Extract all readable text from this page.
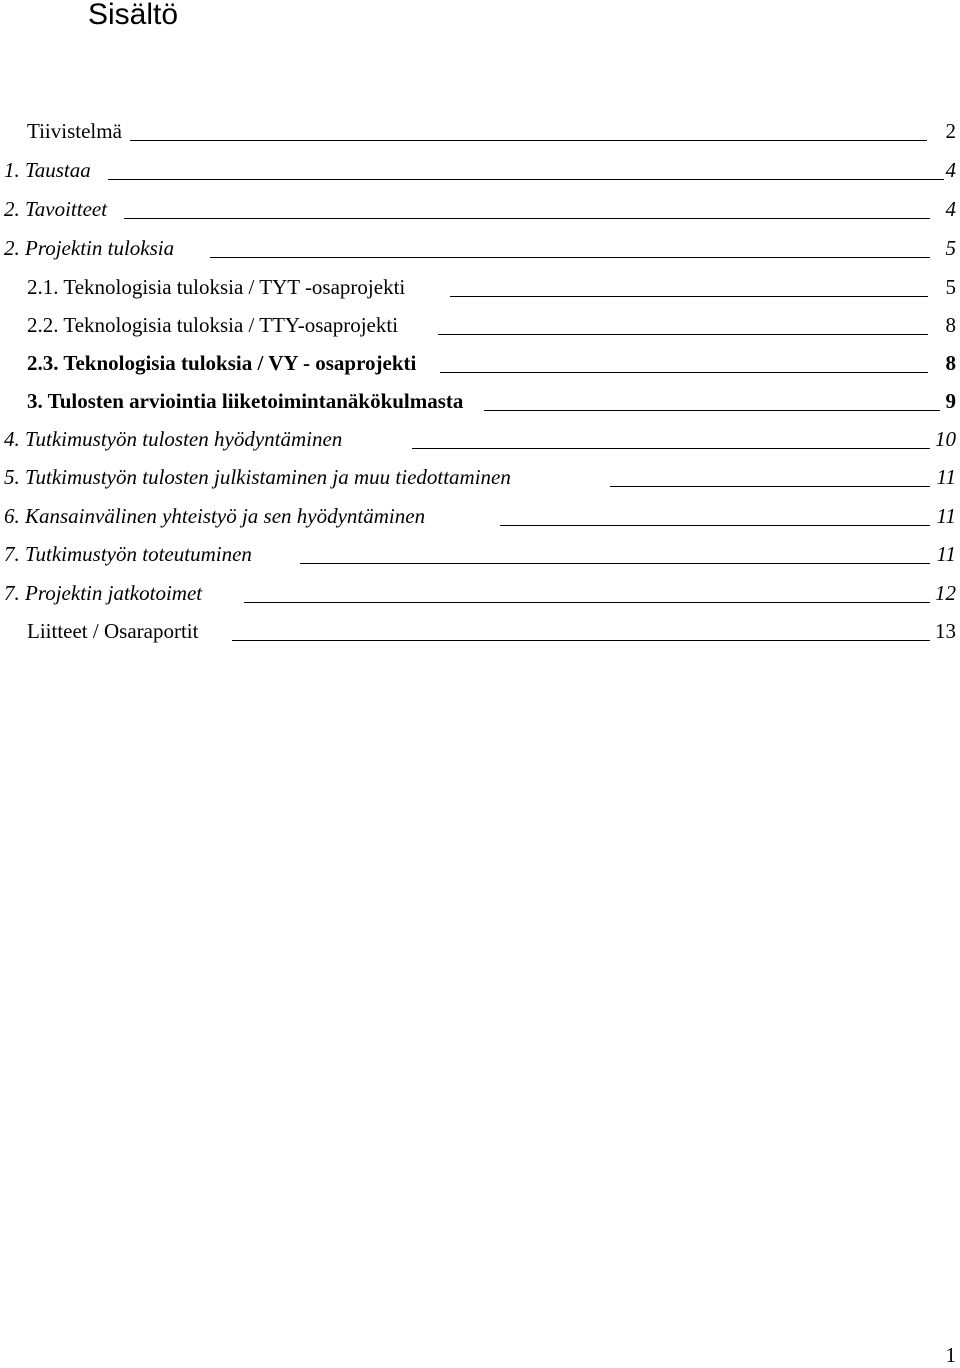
Sisältö
Tiivistelmä	2
1. Taustaa	4
2. Tavoitteet	4
2. Projektin tuloksia	5
2.1. Teknologisia tuloksia / TYT -osaprojekti	5
2.2. Teknologisia tuloksia / TTY-osaprojekti	8
2.3. Teknologisia tuloksia / VY - osaprojekti	8
3. Tulosten arviointia liiketoimintanäkökulmasta	9
4. Tutkimustyön tulosten hyödyntäminen	10
5. Tutkimustyön tulosten julkistaminen ja muu tiedottaminen	11
6. Kansainvälinen yhteistyö ja sen hyödyntäminen	11
7. Tutkimustyön toteutuminen	11
7. Projektin jatkotoimet	12
Liitteet / Osaraportit	13
1
